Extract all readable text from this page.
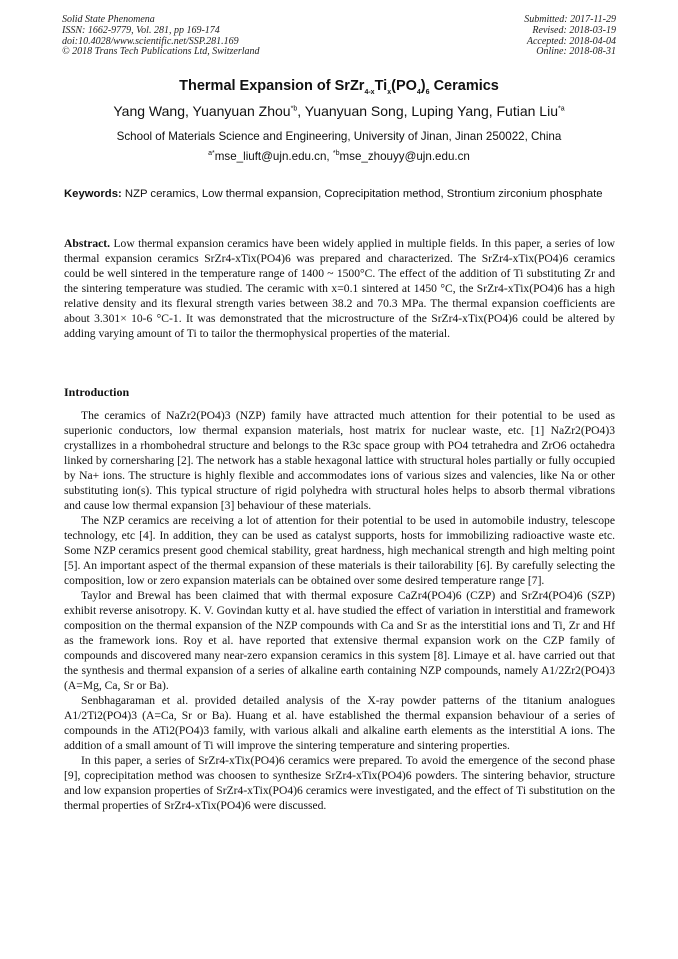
Solid State Phenomena
ISSN: 1662-9779, Vol. 281, pp 169-174
doi:10.4028/www.scientific.net/SSP.281.169
© 2018 Trans Tech Publications Ltd, Switzerland
Submitted: 2017-11-29
Revised: 2018-03-19
Accepted: 2018-04-04
Online: 2018-08-31
Thermal Expansion of $SrZr_{4-x}Ti_x(PO_4)_6$ Ceramics
Yang Wang, Yuanyuan Zhou$^{*b}$, Yuanyuan Song, Luping Yang, Futian Liu$^{*a}$
School of Materials Science and Engineering, University of Jinan, Jinan 250022, China
$^{a*}$mse_liuft@ujn.edu.cn, $^{*b}$mse_zhouyy@ujn.edu.cn
Keywords: NZP ceramics, Low thermal expansion, Coprecipitation method, Strontium zirconium phosphate
Abstract. Low thermal expansion ceramics have been widely applied in multiple fields. In this paper, a series of low thermal expansion ceramics SrZr4-xTix(PO4)6 was prepared and characterized. The SrZr4-xTix(PO4)6 ceramics could be well sintered in the temperature range of 1400 ~ 1500°C. The effect of the addition of Ti substituting Zr and the sintering temperature was studied. The ceramic with x=0.1 sintered at 1450 °C, the SrZr4-xTix(PO4)6 has a high relative density and its flexural strength varies between 38.2 and 70.3 MPa. The thermal expansion coefficients are about 3.301× 10-6 °C-1. It was demonstrated that the microstructure of the SrZr4-xTix(PO4)6 could be altered by adding varying amount of Ti to tailor the thermophysical properties of the material.
Introduction

The ceramics of NaZr2(PO4)3 (NZP) family have attracted much attention for their potential to be used as superionic conductors, low thermal expansion materials, host matrix for nuclear waste, etc. [1] NaZr2(PO4)3 crystallizes in a rhombohedral structure and belongs to the R3c space group with PO4 tetrahedra and ZrO6 octahedra linked by cornersharing [2]. The network has a stable hexagonal lattice with structural holes partially or fully occupied by Na+ ions. The structure is highly flexible and accommodates ions of various sizes and valencies, like Na or other substituting ion(s). This typical structure of rigid polyhedra with structural holes helps to absorb thermal vibrations and cause low thermal expansion [3] behaviour of these materials.

The NZP ceramics are receiving a lot of attention for their potential to be used in automobile industry, telescope technology, etc [4]. In addition, they can be used as catalyst supports, hosts for immobilizing radioactive waste etc. Some NZP ceramics present good chemical stability, great hardness, high mechanical strength and high melting point [5]. An important aspect of the thermal expansion of these materials is their tailorability [6]. By carefully selecting the composition, low or zero expansion materials can be obtained over some desired temperature range [7].

Taylor and Brewal has been claimed that with thermal exposure CaZr4(PO4)6 (CZP) and SrZr4(PO4)6 (SZP) exhibit reverse anisotropy. K. V. Govindan kutty et al. have studied the effect of variation in interstitial and framework composition on the thermal expansion of the NZP compounds with Ca and Sr as the interstitial ions and Ti, Zr and Hf as the framework ions. Roy et al. have reported that extensive thermal expansion work on the CZP family of compounds and discovered many near-zero expansion ceramics in this system [8]. Limaye et al. have carried out that the synthesis and thermal expansion of a series of alkaline earth containing NZP compounds, namely A1/2Zr2(PO4)3 (A=Mg, Ca, Sr or Ba).

Senbhagaraman et al. provided detailed analysis of the X-ray powder patterns of the titanium analogues A1/2Ti2(PO4)3 (A=Ca, Sr or Ba). Huang et al. have established the thermal expansion behaviour of a series of compounds in the ATi2(PO4)3 family, with various alkali and alkaline earth elements as the interstitial A ions. The addition of a small amount of Ti will improve the sintering temperature and sintering properties.

In this paper, a series of SrZr4-xTix(PO4)6 ceramics were prepared. To avoid the emergence of the second phase [9], coprecipitation method was choosen to synthesize SrZr4-xTix(PO4)6 powders. The sintering behavior, structure and low expansion properties of SrZr4-xTix(PO4)6 ceramics were investigated, and the effect of Ti substitution on the thermal properties of SrZr4-xTix(PO4)6 were discussed.
